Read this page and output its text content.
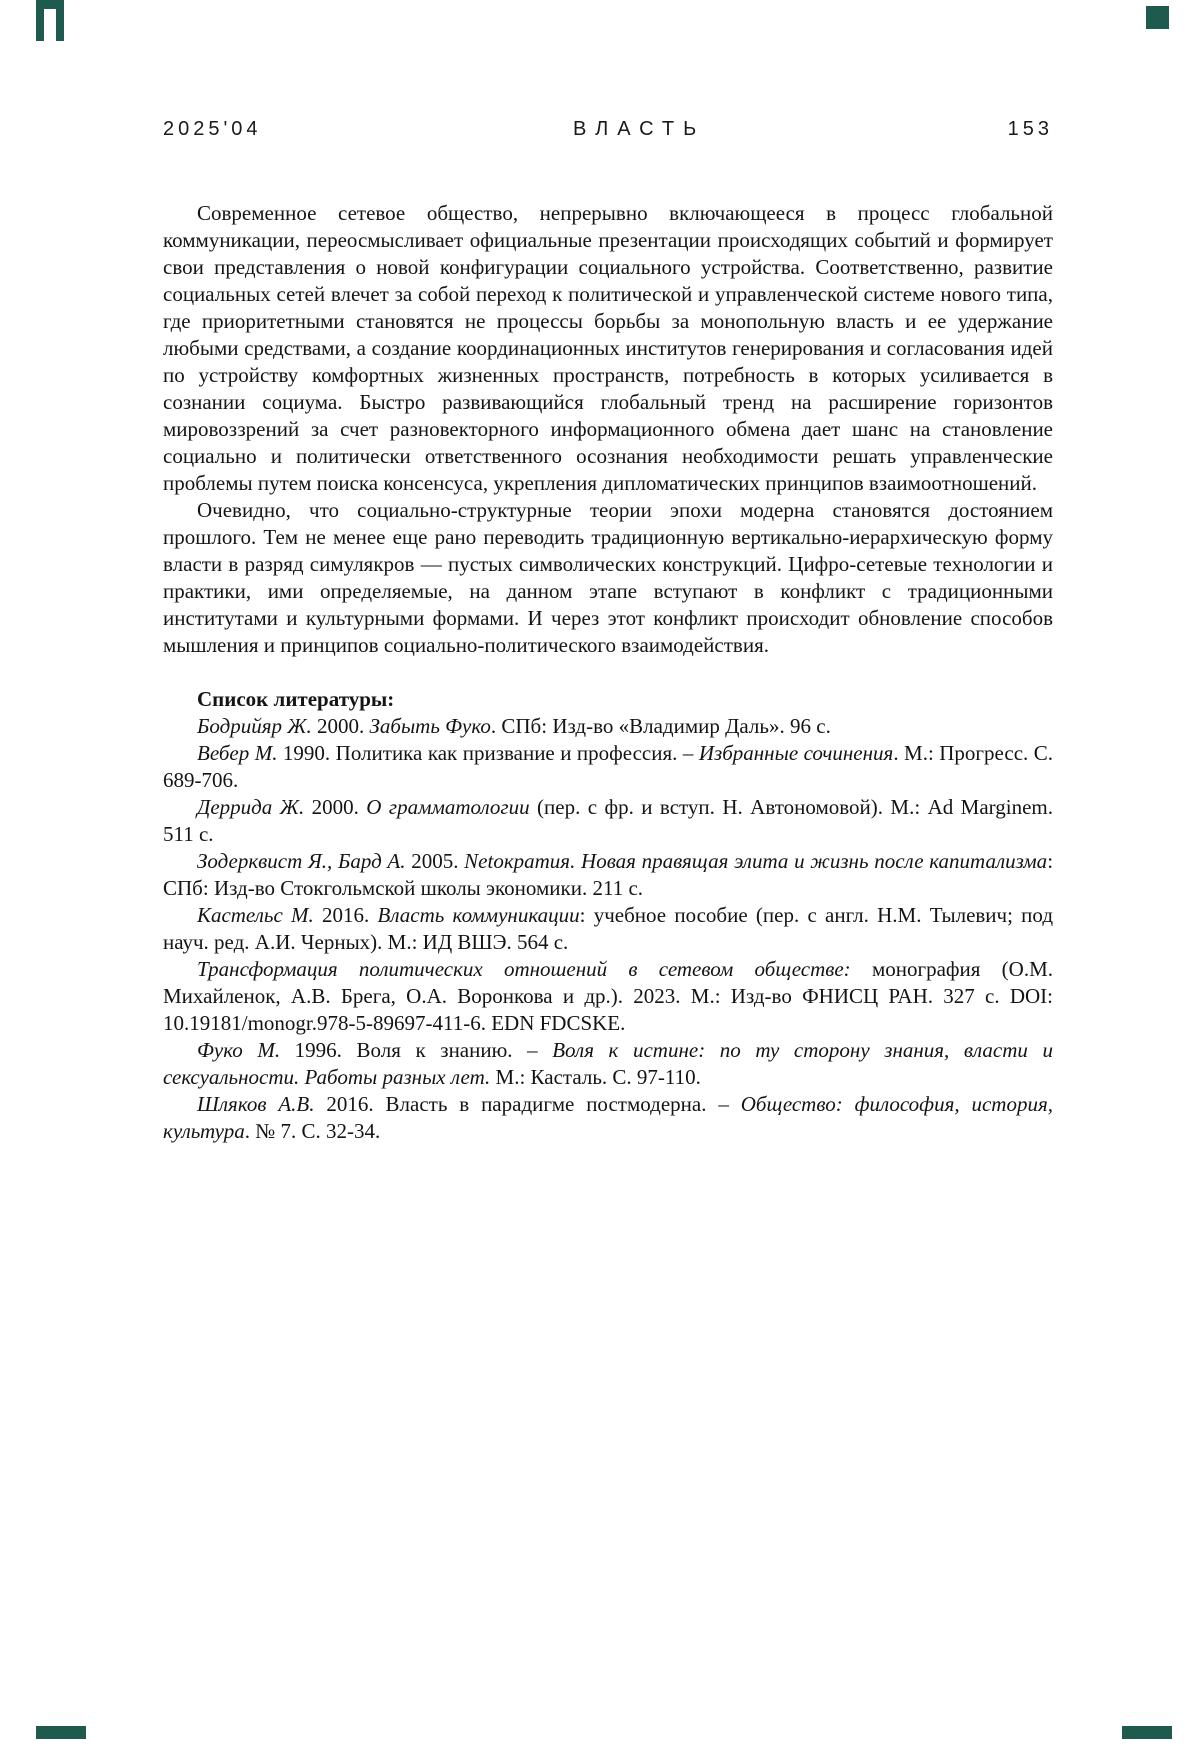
2025'04	ВЛАСТЬ	153

Современное сетевое общество, непрерывно включающееся в процесс глобальной коммуникации, переосмысливает официальные презентации происходящих событий и формирует свои представления о новой конфигурации социального устройства. Соответственно, развитие социальных сетей влечет за собой переход к политической и управленческой системе нового типа, где приоритетными становятся не процессы борьбы за монопольную власть и ее удержание любыми средствами, а создание координационных институтов генерирования и согласования идей по устройству комфортных жизненных пространств, потребность в которых усиливается в сознании социума. Быстро развивающийся глобальный тренд на расширение горизонтов мировоззрений за счет разновекторного информационного обмена дает шанс на становление социально и политически ответственного осознания необходимости решать управленческие проблемы путем поиска консенсуса, укрепления дипломатических принципов взаимоотношений.

Очевидно, что социально-структурные теории эпохи модерна становятся достоянием прошлого. Тем не менее еще рано переводить традиционную вертикально-иерархическую форму власти в разряд симулякров — пустых символических конструкций. Цифро-сетевые технологии и практики, ими определяемые, на данном этапе вступают в конфликт с традиционными институтами и культурными формами. И через этот конфликт происходит обновление способов мышления и принципов социально-политического взаимодействия.

Список литературы:

Бодрийяр Ж. 2000. Забыть Фуко. СПб: Изд-во «Владимир Даль». 96 с.

Вебер М. 1990. Политика как призвание и профессия. – Избранные сочинения. М.: Прогресс. С. 689-706.

Деррида Ж. 2000. О грамматологии (пер. с фр. и вступ. Н. Автономовой). М.: Ad Marginem. 511 с.

Зодерквист Я., Бард А. 2005. Netократия. Новая правящая элита и жизнь после капитализма: СПб: Изд-во Стокгольмской школы экономики. 211 с.

Кастельс М. 2016. Власть коммуникации: учебное пособие (пер. с англ. Н.М. Тылевич; под науч. ред. А.И. Черных). М.: ИД ВШЭ. 564 с.

Трансформация политических отношений в сетевом обществе: монография (О.М. Михайленок, А.В. Брега, О.А. Воронкова и др.). 2023. М.: Изд-во ФНИСЦ РАН. 327 с. DOI: 10.19181/monogr.978-5-89697-411-6. EDN FDCSKE.

Фуко М. 1996. Воля к знанию. – Воля к истине: по ту сторону знания, власти и сексуальности. Работы разных лет. М.: Касталь. С. 97-110.

Шляков А.В. 2016. Власть в парадигме постмодерна. – Общество: философия, история, культура. № 7. С. 32-34.
